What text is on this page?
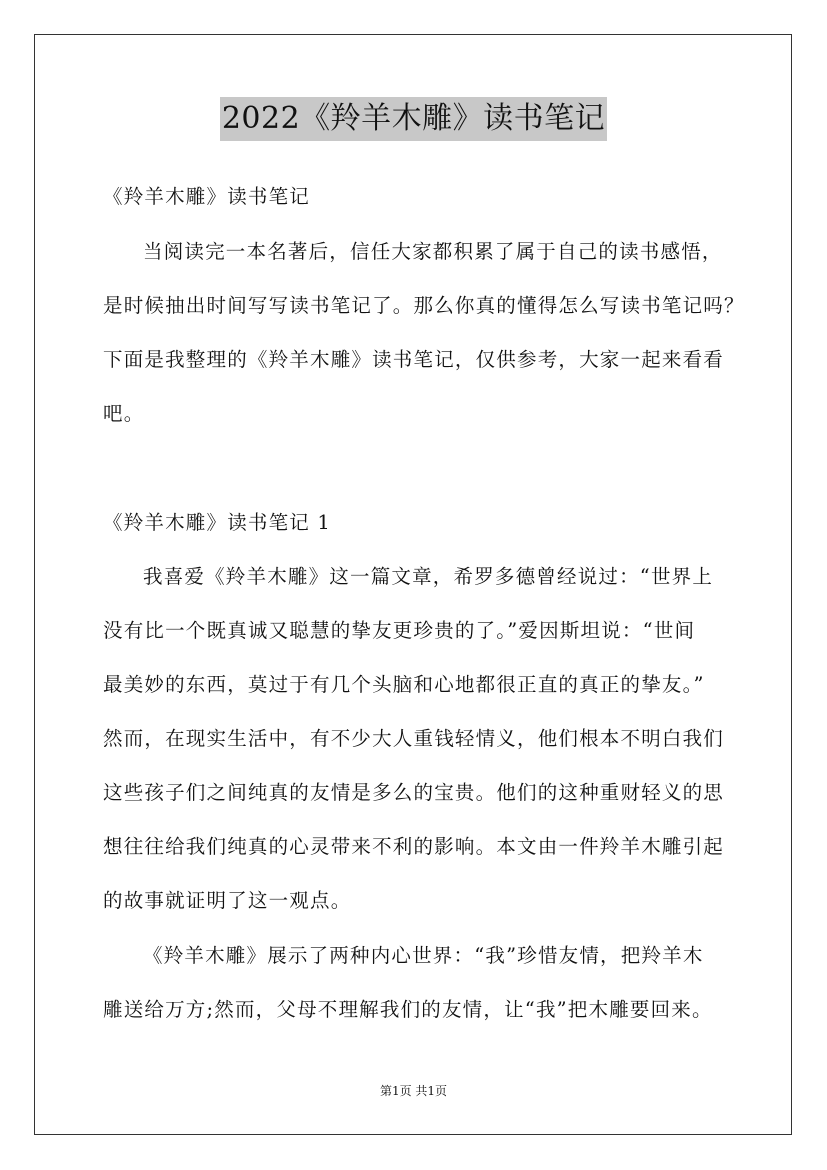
2022《羚羊木雕》读书笔记
《羚羊木雕》读书笔记
当阅读完一本名著后，信任大家都积累了属于自己的读书感悟，
是时候抽出时间写写读书笔记了。那么你真的懂得怎么写读书笔记吗？
下面是我整理的《羚羊木雕》读书笔记，仅供参考，大家一起来看看
吧。
《羚羊木雕》读书笔记 1
我喜爱《羚羊木雕》这一篇文章，希罗多德曾经说过：“世界上
没有比一个既真诚又聪慧的挚友更珍贵的了。”爱因斯坦说：“世间
最美妙的东西，莫过于有几个头脑和心地都很正直的真正的挚友。”
然而，在现实生活中，有不少大人重钱轻情义，他们根本不明白我们
这些孩子们之间纯真的友情是多么的宝贵。他们的这种重财轻义的思
想往往给我们纯真的心灵带来不利的影响。本文由一件羚羊木雕引起
的故事就证明了这一观点。
《羚羊木雕》展示了两种内心世界：“我”珍惜友情，把羚羊木
雕送给万方;然而，父母不理解我们的友情，让“我”把木雕要回来。
第1页 共1页
